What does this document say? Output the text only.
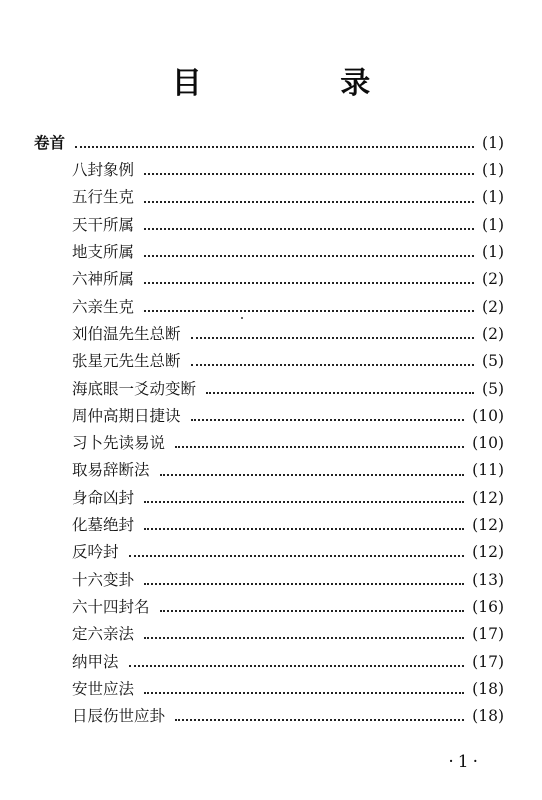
目 录
卷首	(1)
八封象例	(1)
五行生克	(1)
天干所属	(1)
地支所属	(1)
六神所属	(2)
六亲生克	(2)
刘伯温先生总断	(2)
张星元先生总断	(5)
海底眼一爻动变断	(5)
周仲高期日捷诀	(10)
习卜先读易说	(10)
取易辞断法	(11)
身命凶封	(12)
化墓绝封	(12)
反吟封	(12)
十六变卦	(13)
六十四封名	(16)
定六亲法	(17)
纳甲法	(17)
安世应法	(18)
日辰伤世应卦	(18)
·1·
